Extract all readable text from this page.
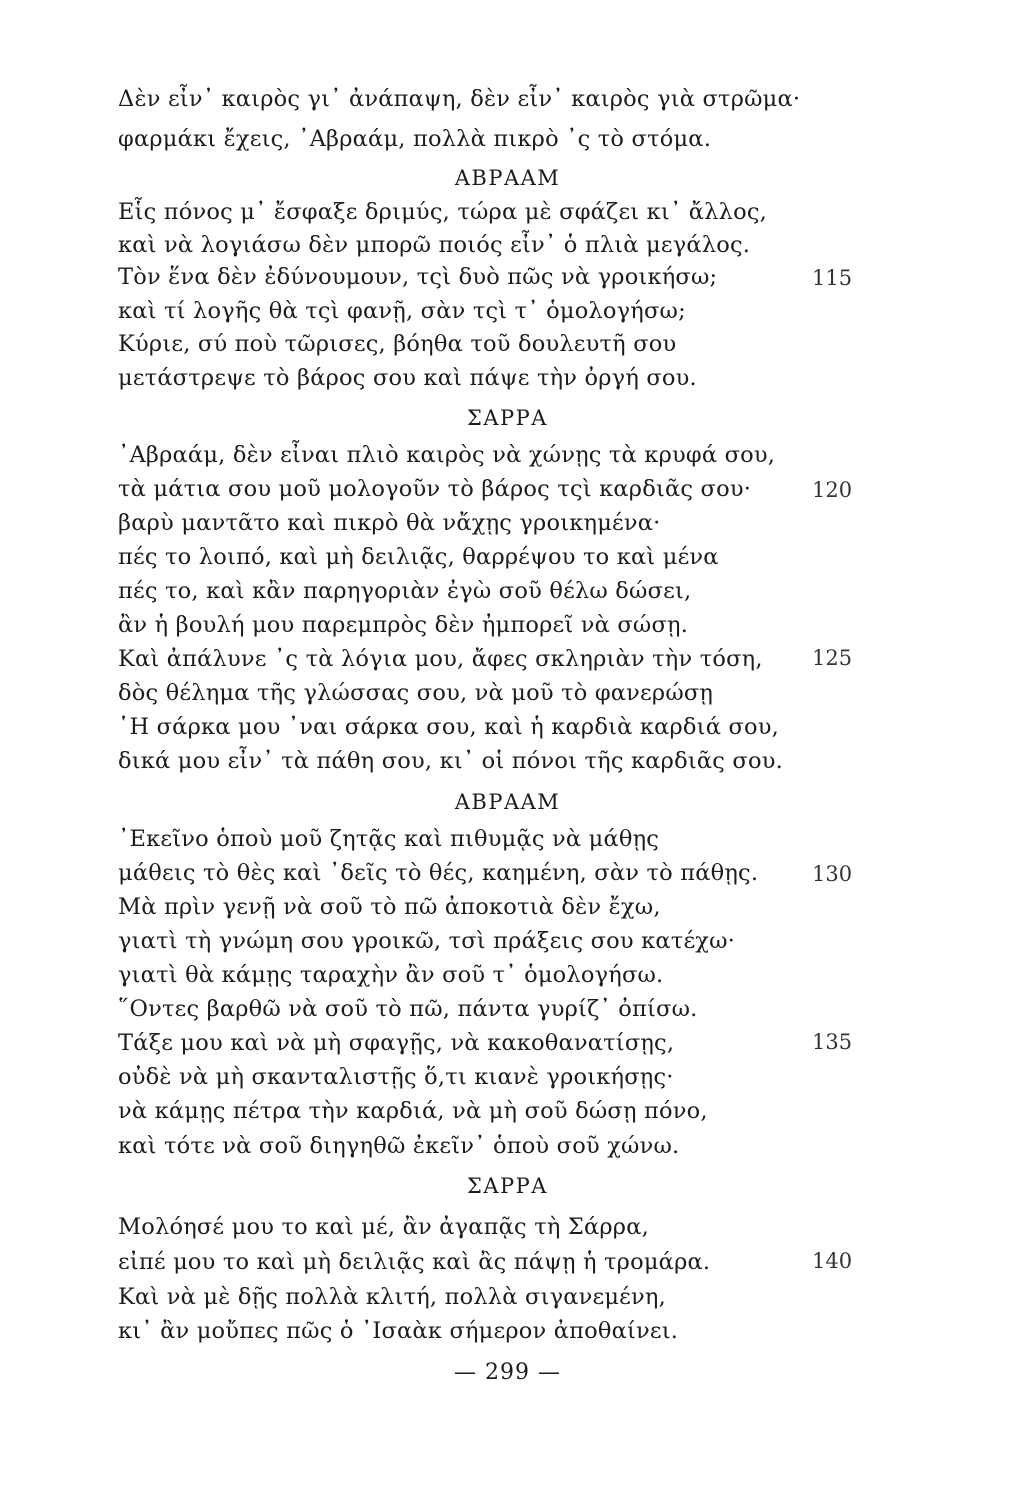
Δὲν εἶν᾽ καιρὸς γι᾽ ἀνάπαψη, δὲν εἶν᾽ καιρὸς γιὰ στρῶμα·
φαρμάκι ἔχεις, ᾽Αβραάμ, πολλὰ πικρὸ ᾽ς τὸ στόμα.
ΑΒΡΑΑΜ
Εἷς πόνος μ᾽ ἔσφαξε δριμύς, τώρα μὲ σφάζει κι᾽ ἄλλος,
καὶ νὰ λογιάσω δὲν μπορῶ ποιός εἶν᾽ ὁ πλιὰ μεγάλος.
Τὸν ἕνα δὲν ἐδύνουμουν, τςὶ δυὸ πῶς νὰ γροικήσω;	115
καὶ τί λογῆς θὰ τςὶ φανῇ, σὰν τςὶ τ᾽ ὁμολογήσω;
Κύριε, σύ ποὺ τῶρισες, βόηθα τοῦ δουλευτῆ σου
μετάστρεψε τὸ βάρος σου καὶ πάψε τὴν ὀργή σου.
ΣΑΡΡΑ
᾽Αβραάμ, δὲν εἶναι πλιὸ καιρὸς νὰ χώνῃς τὰ κρυφά σου,
τὰ μάτια σου μοῦ μολογοῦν τὸ βάρος τςὶ καρδιᾶς σου·	120
βαρὺ μαντᾶτο καὶ πικρὸ θὰ νἄχῃς γροικημένα·
πές το λοιπό, καὶ μὴ δειλιᾷς, θαρρέψου το καὶ μένα
πές το, καὶ κἂν παρηγοριὰν ἐγὼ σοῦ θέλω δώσει,
ἂν ἡ βουλή μου παρεμπρὸς δὲν ἠμπορεῖ νὰ σώσῃ.
Καὶ ἀπάλυνε ᾽ς τὰ λόγια μου, ἄφες σκληριὰν τὴν τόση, 125
δὸς θέλημα τῆς γλώσσας σου, νὰ μοῦ τὸ φανερώσῃ
῾Η σάρκα μου ᾽ναι σάρκα σου, καὶ ἡ καρδιὰ καρδιά σου,
δικά μου εἶν᾽ τὰ πάθη σου, κι᾽ οἱ πόνοι τῆς καρδιᾶς σου.
ΑΒΡΑΑΜ
᾽Εκεῖνο ὁποὺ μοῦ ζητᾷς καὶ πιθυμᾷς νὰ μάθῃς
μάθεις τὸ θὲς καὶ ᾽δεῖς τὸ θές, καημένη, σὰν τὸ πάθῃς.	130
Μὰ πρὶν γενῇ νὰ σοῦ τὸ πῶ ἀποκοτιὰ δὲν ἔχω,
γιατὶ τὴ γνώμη σου γροικῶ, τσὶ πράξεις σου κατέχω·
γιατὶ θὰ κάμῃς ταραχὴν ἂν σοῦ τ᾽ ὁμολογήσω.
῞Οντες βαρθῶ νὰ σοῦ τὸ πῶ, πάντα γυρίζ᾽ ὀπίσω.
Τάξε μου καὶ νὰ μὴ σφαγῇς, νὰ κακοθανατίσῃς,	135
οὐδὲ νὰ μὴ σκανταλιστῇς ὅ,τι κιανὲ γροικήσῃς·
νὰ κάμῃς πέτρα τὴν καρδιά, νὰ μὴ σοῦ δώσῃ πόνο,
καὶ τότε νὰ σοῦ διηγηθῶ ἐκεῖν᾽ ὁποὺ σοῦ χώνω.
ΣΑΡΡΑ
Μολόησέ μου το καὶ μέ, ἂν ἀγαπᾷς τὴ Σάρρα,
εἰπέ μου το καὶ μὴ δειλιᾷς καὶ ἂς πάψῃ ἡ τρομάρα.	140
Καὶ νὰ μὲ δῇς πολλὰ κλιτή, πολλὰ σιγανεμένη,
κι᾽ ἂν μοὔπες πῶς ὁ ᾽Ισαὰκ σήμερον ἀποθαίνει.
— 299 —
